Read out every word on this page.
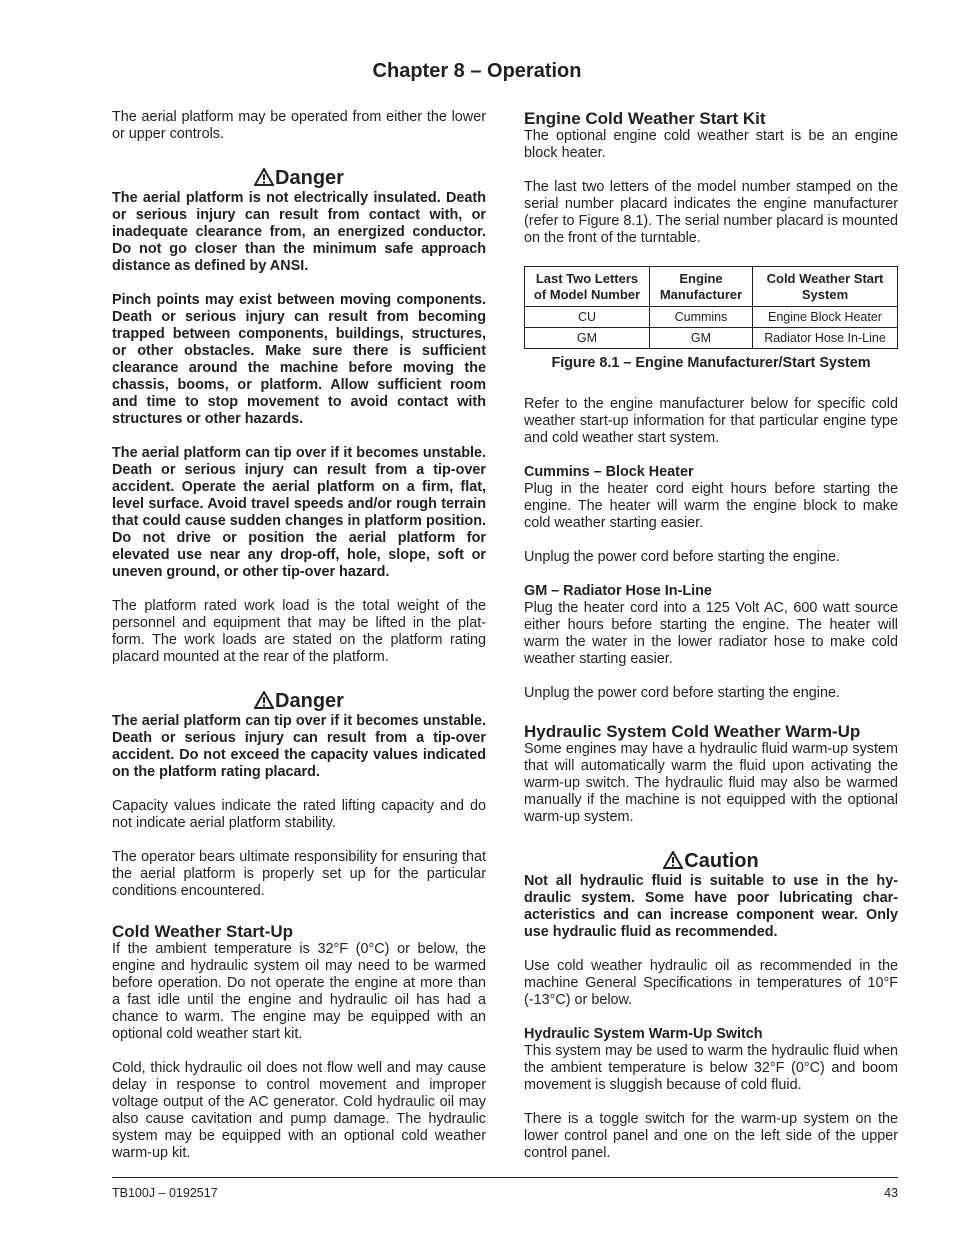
Chapter 8 – Operation

The aerial platform may be operated from either the lower or upper controls.

Danger

The aerial platform is not electrically insulated. Death or serious injury can result from contact with, or inadequate clearance from, an energized conductor. Do not go closer than the minimum safe approach distance as defined by ANSI.

Pinch points may exist between moving components. Death or serious injury can result from becoming trapped between components, buildings, structures, or other obstacles. Make sure there is sufficient clearance around the machine before moving the chassis, booms, or platform. Allow sufficient room and time to stop movement to avoid contact with structures or other hazards.

The aerial platform can tip over if it becomes unstable. Death or serious injury can result from a tip-over accident. Operate the aerial platform on a firm, flat, level surface. Avoid travel speeds and/or rough terrain that could cause sudden changes in platform position. Do not drive or position the aerial platform for elevated use near any drop-off, hole, slope, soft or uneven ground, or other tip-over hazard.

The platform rated work load is the total weight of the personnel and equipment that may be lifted in the platform. The work loads are stated on the platform rating placard mounted at the rear of the platform.

Danger

The aerial platform can tip over if it becomes unstable. Death or serious injury can result from a tip-over accident. Do not exceed the capacity values indicated on the platform rating placard.

Capacity values indicate the rated lifting capacity and do not indicate aerial platform stability.

The operator bears ultimate responsibility for ensuring that the aerial platform is properly set up for the particular conditions encountered.

Cold Weather Start-Up

If the ambient temperature is 32°F (0°C) or below, the engine and hydraulic system oil may need to be warmed before operation. Do not operate the engine at more than a fast idle until the engine and hydraulic oil has had a chance to warm. The engine may be equipped with an optional cold weather start kit.

Cold, thick hydraulic oil does not flow well and may cause delay in response to control movement and improper voltage output of the AC generator. Cold hydraulic oil may also cause cavitation and pump damage. The hydraulic system may be equipped with an optional cold weather warm-up kit.

Engine Cold Weather Start Kit

The optional engine cold weather start is be an engine block heater.

The last two letters of the model number stamped on the serial number placard indicates the engine manufacturer (refer to Figure 8.1). The serial number placard is mounted on the front of the turntable.

Last Two Letters of Model Number	Engine Manufacturer	Cold Weather Start System
CU	Cummins	Engine Block Heater
GM	GM	Radiator Hose In-Line
Figure 8.1 – Engine Manufacturer/Start System

Refer to the engine manufacturer below for specific cold weather start-up information for that particular engine type and cold weather start system.

Cummins – Block Heater

Plug in the heater cord eight hours before starting the engine. The heater will warm the engine block to make cold weather starting easier.

Unplug the power cord before starting the engine.

GM – Radiator Hose In-Line

Plug the heater cord into a 125 Volt AC, 600 watt source either hours before starting the engine. The heater will warm the water in the lower radiator hose to make cold weather starting easier.

Unplug the power cord before starting the engine.

Hydraulic System Cold Weather Warm-Up

Some engines may have a hydraulic fluid warm-up system that will automatically warm the fluid upon activating the warm-up switch. The hydraulic fluid may also be warmed manually if the machine is not equipped with the optional warm-up system.

Caution

Not all hydraulic fluid is suitable to use in the hydraulic system. Some have poor lubricating characteristics and can increase component wear. Only use hydraulic fluid as recommended.

Use cold weather hydraulic oil as recommended in the machine General Specifications in temperatures of 10°F (-13°C) or below.

Hydraulic System Warm-Up Switch

This system may be used to warm the hydraulic fluid when the ambient temperature is below 32°F (0°C) and boom movement is sluggish because of cold fluid.

There is a toggle switch for the warm-up system on the lower control panel and one on the left side of the upper control panel.

TB100J – 0192517	43
